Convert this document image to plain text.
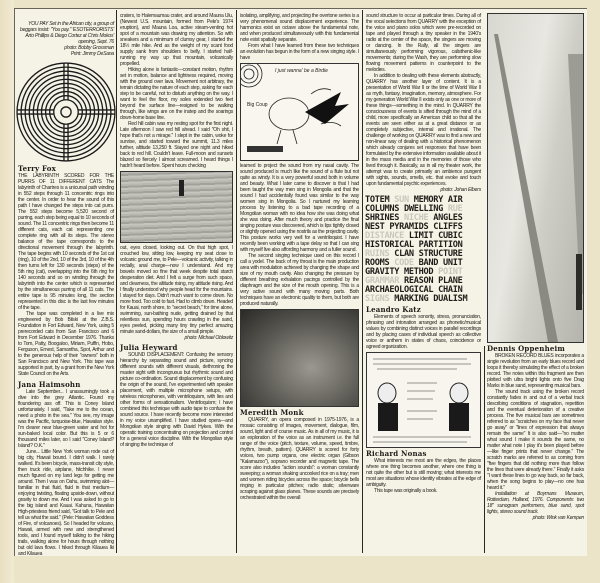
YOU PAY Set in the African city, a group of beggars insist: "You pay." 'ESOTERRORISTS' Arto Phillips & Diego Cortez at Chris Mokos' opening, Sept. 76

photo: Bobby Grossman

Print: Jimmy DeSana

Terry Fox

THE LABYRINTH SCORED FOR THE PURRS OF 11 DIFFERENT CATS The labyrinth of Chartres is a unicursal path winding in 552 steps through 11 concentric rings into the center. In order to hear the sound of this path I have changed the steps into cat purrs. The 552 steps become 5,520 second of purring, each step being equal to 10 seconds of sound. The 11 concentric rings then become 11 different cats, each cat representing one complete ring with all its steps. The stereo balance of the tape corresponds to the directional movement through the labyrinth. The tape begins with 10 seconds of the 1st cat (ring), 10 of the 2nd, 10 of the 3rd, 10 of the 4th then turns left for 130 seconds (steps) of the 5th ring (cat), overlapping into the 6th ring for 140 seconds and so on winding through the labyrinth into the center which is represented by the simultaneous purring of all 11 cats. The entire tape is 95 minutes long, the section represented in this disc is the last few minutes of the tape.

The tape was completed in a live mix engineered by Bob Bilski at the Z.B.S. Foundation in Fort Edward, New York, using 5 prerecorded cats from San Francisco and 6 from Fort Edward in December 1976. Thanks to Tom, Patty, Boogaloo, Miriam, Puffin, Hobo, Ferguson, Ernest, Samantha, Spot, Arthur and to the generous help of their "owners" both in San Francisco and New York. This tape was supported in part, by a grant from the New York State Council on the Arts.

Jana Haimsohn

Late September... I unassumingly took a dive into the grey Atlantic. Found my floundering ass off. This is Coney Island unfortunately. I said, "Take me to the ocean, need a photo in the sea." You see, my image was the Pacific, turquoise-blue, Hawaiian style. I'm clearer near blue-green water and hot for sun-baked local color. But this is 5 or 6 thousand miles later, so I said "Coney Island? Island? O.K."

June... Little New York woman rode out of big city, Hawaii bound. I didn't walk. I rarely walked. It's been bicycle, mass-transit city style, then truck ride, airplane, hitchhike. I never much figured on my land legs for getting me around. Then I was on Oahu, swimming alot—familiar in that fluid, fluid in that medium—enjoying twisting, floating upside-down, without gravity to down me. And I was asked to go to the big island and Kauai. Kahuna, Hawaiian High-priestess friend said, "Got talk to Pele and tell us what the said." (Pele: Hawaiian Goddess of Fire, of volcanoes). So I headed for volcano, Hawaii, armed with new and strengthened tools, and I found myself talking to the hiking trails, walking alone for hours through nothing but old lava flows. I hiked through Kilauea Iki and Kilauea

craters, to Halemaumau crater, and around Mauna Ulu, (Newest U.S. mountain, formed from Pele's 1974 eruption), and Mauna Loa, active steam-venting hot spot of a mountain was drawing my attention. So with sneakers and a minimum of clumsy gear, I started the 18½ mile hike. And as the weight of my scant food supply sank from shoulders to belly, I started half-running my way up that mountain, volcanically propelled.

Hiking alone is fantastic—constant motion, rhythm set in motion, balance and lightness required, moving with the ground over lava. Movement not arbitrary, the terrain dictating the nature of each step, asking for each step to be careful, not to disturb anything on the way. I want to feel the floor, my soles extended two feet beyond the surface line—resigned to be walking through, like wings are on the instep and the soarings down-home base line.

Red hill cabin was my resting spot for the first night. Late afternoon I saw red hill ahead. I said "Oh shit, I hope that's not a mirage." I slept in the cabin, woke for sunrise, and started toward the summit, 11.3 miles further, altitude 13,250 ft. Stayed one night and hiked back to red hill. Couldn't leave. Full-moon and sunsets blazed so fiercely I almost screamed. I heard things I hadn't heard before. Spent hours checking

out, eyes closed, looking out. On that high spot, I crouched low, sitting low, keeping my seat close to volcanic ground me, to Pele—volcanic activity, talking in rectally, anal charge—now I understand. And my bowels moved so fine that week despite total starch desperation diet. And I felt a surge from such space, and clearness, the altitude rising, my attitude rising. And I finally understood why people head for the mountains. I stayed for days. Didn't much want to come down. No more food. Too cold to fast. Had to climb down. Headed for Kauai, north shore, to "secret beach," for time alone, swimming, sun-bathing nude, getting drained by that relentless sun, spending hours crawling in the sand, eyes peeled, picking many tiny tiny perfect amazing minute sand-dollars, the size of a small pimple.

photo: Michael Oblowitz

Julia Heyward

SOUND DISPLACEMENT: Confusing the sensory hierarchy by separating sound and picture, syncing different sounds with different visuals, dethroning the master sight with incongruous but rhythmic sound and picture co-ordination. Sound displacement by confusing the origin of the sound, I've experimented with speaker placement, with multiple microphone setups, with wireless microphones, with ventriloquism, with lies and other forms of sensationalism. Ventriloquism; I have combined this technique with audio tape to confuse the sound source. I have recently become more interested in my voice unamplified. I have studied opera—and Mongolian style singing with David Hykes. With the operatic training concentrating on projection and control for a general voice discipline. With the Mongolian style of singing the technique of

isolating, amplifying, and projecting the overtone series is a very phenomenal sound displacement experience. The harmonics exist an octave above the fundamental note, and when produced simultaneously with this fundamental note exist spatially separate.

From what I have learned from these two techniques an evolution has begun in the form of a new singing style. I have

I just wanna' be a Birdie
Big Coup

learned to project the sound from my nasal cavity. The sound produced is much like the sound of a flute but not quite as windy. It is a very powerful sound both in volume and beauty. What I later came to discover is that I had been taught the way men sing in Mongolia and that the sound I had accidentally found was similar to the way women sing in Mongolia. So I nurtured my learning process by listening to a bad tape recording of a Mongolian woman with no idea how she was doing what she was doing. After much theory and practice the final singing posture was discovered, which is lips tightly closed or slightly opened using the nostrils as the projecting cavity. This posture works very well for a ventriloquist. I have recently been working with a tape delay so that I can sing with myself live also affording harmony and a fuller sound.

The second singing technique used on this record I call a yodel. The back of my throat is the main production area with modulation achieved by changing the shape and size of my mouth cavity. Also changing the pressure by different breathing exhalation pacings controlled by the diaphragm and the size of the mouth opening. This is a very active sound with many moving parts. Both techniques have an electronic quality to them, but both are produced naturally.

Meredith Monk

QUARRY, an opera composed in 1975-1976, is a mosaic consisting of images, movement, dialogue, film, sound, light and of course music. As in all of my music, it is an exploration of the voice as an instrument i.e. the full range of the voice (pitch, texture, volume, speed, timbre, rhythm, breath, pattern). QUARRY is scored for forty voices, two pump organs, one electric organ (Gibson "Kalamazoo"), soprano recorder and magnetic tape. The score also includes "action sounds": a woman constantly sweeping; a woman shaking uncooked rice on a tray; men and women riding bicycles across the space; bicycle bells ringing in particular pitches; radio static; silverware scraping against glass planes. These sounds are precisely orchestrated within the overall

sound structure to occur at particular times. During all of the vocal selections from QUARRY with the exception of the voice and piano solos which were pre-recorded on tape and played through a tiny speaker in the 1940's radio at the center of the space, the singers are moving or dancing. In the Rally, all the singers are simultaneously performing vigorous, calisthenic-like movements; during the Wash, they are performing slow flowing movement patterns in counterpoint to the melodies.

In addition to dealing with these elements abstractly, QUARRY has another layer of content. It is a presentation of World War II or the time of World War II as myth, fantasy, imagination, memory, atmosphere. For my generation World War II exists only as one or more of these things—something in the mind. In QUARRY the consciousness of events is sifted through the mind of a child, more specifically an American child so that all the events are seen either as at a great distance or as completely subjective, internal and irrational. The challenge of working on QUARRY was to find a new and non-linear way of dealing with a historical phenomenon which already conjures set responses that have been formulated by the extensive information available about it in the mass media and in the memories of those who lived through it. Basically, as in all my theater work, the attempt was to create primarily an ambience pungent with sights, sounds, smells, etc. that evoke and touch upon fundamental psychic experiences.

photo: Johan Elbers

TOTEM SUN MEMORY AIR
COLUMNS DWELLING RUE
SHRINES NICHE ANGLES
NEST PYRAMIDS CLIFFS
DISTANCE LIMIT CUBIC
HISTORICAL PARTITION
RUINS CLAN STRUCTURE
ROOMS CODE BAND UNIT
GRAVITY METHOD POINT
GRAMMAR REASON PLANE
ARCHAEOLOGICAL CHAIN
SIGNS MARKING DUALISM
Leandro Katz

Elements of speech sonority, stress, pronunciation, phrasing and intonation arranged as phonetic/musical values by combining distinct voices in parallel recordings and by placing cases of individual speech as collective voice or anthem in states of chaos, coincidence or agreed organization.

Richard Nonas

What interests me most are the edges, the places where one thing becomes another, where one thing is not quite the other but is still moving; what interests me most are situations whose identity vibrates at the edge of ambiguity.

This tape was originally a book.

Dennis Oppenheim

BROKEN RECORD BLUES incorporates a single revolution from an early blues record and loops it thereby simulating the effect of a broken record. The notes within this fragment are then plotted with ultra bright lights onto five Drag Marks in blue sand, representing musical bars.

The sound track using the broken record constantly fades in and out of a verbal track describing conditions of stagnation, repetition and the eventual deterioration of a creative process. The five musical bars are sometimes referred to as "scratches on my face that never go away" or "lines of expression that always remain the same" It is also said—"no matter what sound I make it sounds the same, no matter what note I play it's been played before—like finger prints that never change." The scratch marks are referred to as coming from "five fingers that did nothing more than follow the lines that were already there." Finally it asks "I want these lines to go way back, so far back, when the song begins to play—no one has heard it."

Installation at Boymans Museum, Rotterdam, Holland, 1976. Components: two 18" sunogram performers, blue sand, spot lights, stereo sound track.

photo: Wink van Kempen
